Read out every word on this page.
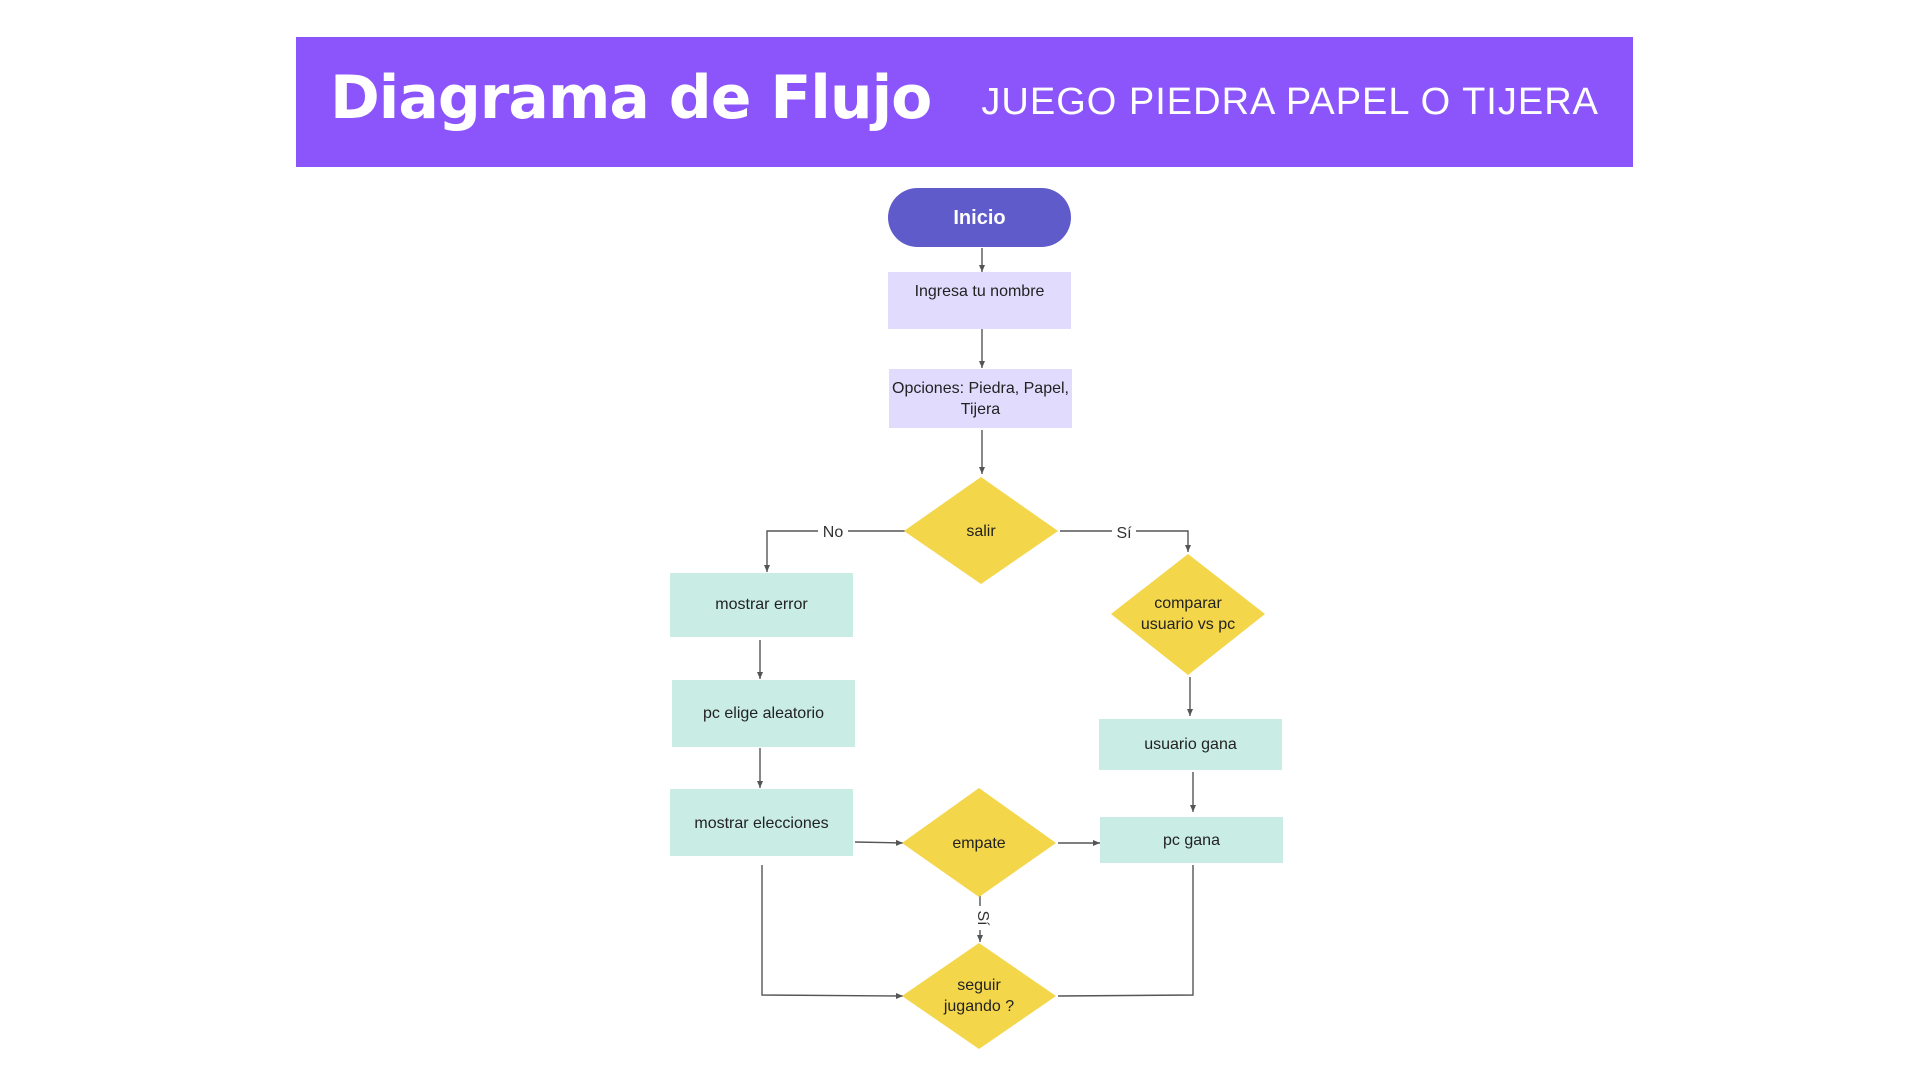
Diagrama de Flujo JUEGO PIEDRA PAPEL O TIJERA
No	Sí
Sí
Inicio
Ingresa tu nombre
Opciones: Piedra, Papel,
Tijera
salir
mostrar error
pc elige aleatorio
mostrar elecciones
comparar
usuario vs pc
usuario gana
pc gana
empate
seguir
jugando ?
